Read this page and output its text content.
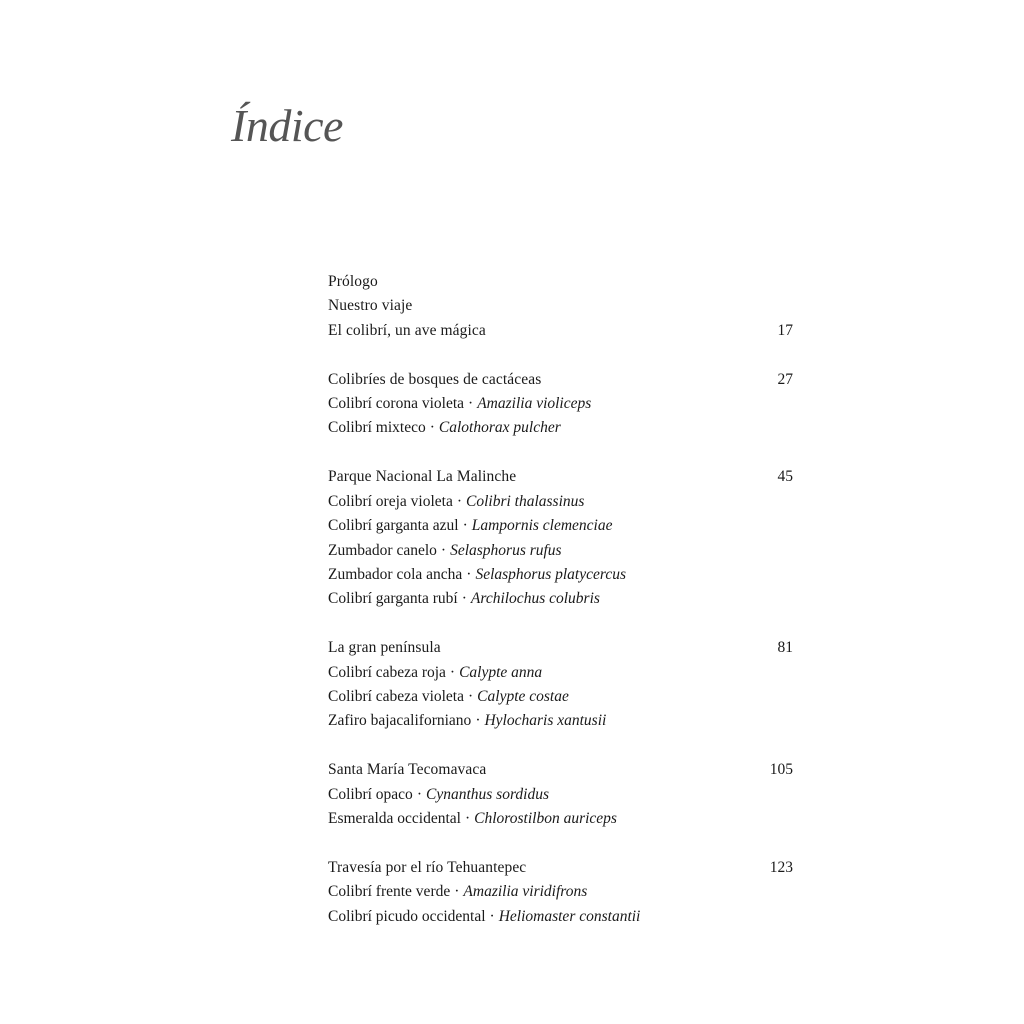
Índice
Prólogo
Nuestro viaje
El colibrí, un ave mágica	17
Colibríes de bosques de cactáceas	27
Colibrí corona violeta · Amazilia violiceps
Colibrí mixteco · Calothorax pulcher
Parque Nacional La Malinche	45
Colibrí oreja violeta · Colibri thalassinus
Colibrí garganta azul · Lampornis clemenciae
Zumbador canelo · Selasphorus rufus
Zumbador cola ancha · Selasphorus platycercus
Colibrí garganta rubí · Archilochus colubris
La gran península	81
Colibrí cabeza roja · Calypte anna
Colibrí cabeza violeta · Calypte costae
Zafiro bajacaliforniano · Hylocharis xantusii
Santa María Tecomavaca	105
Colibrí opaco · Cynanthus sordidus
Esmeralda occidental · Chlorostilbon auriceps
Travesía por el río Tehuantepec	123
Colibrí frente verde · Amazilia viridifrons
Colibrí picudo occidental · Heliomaster constantii
